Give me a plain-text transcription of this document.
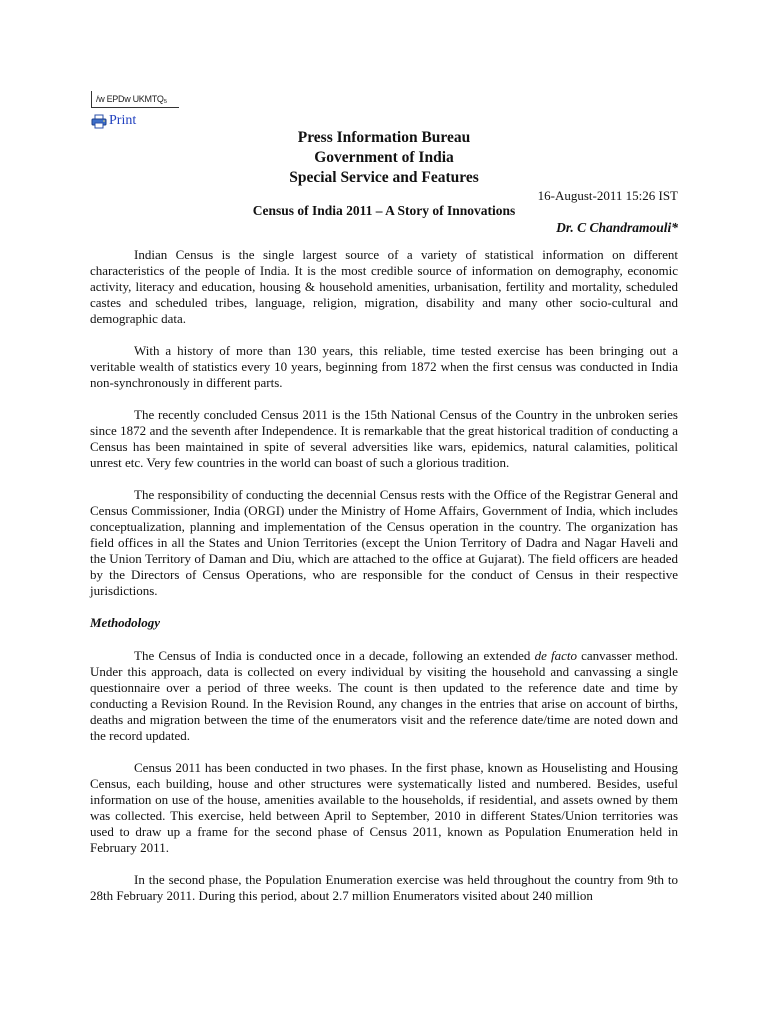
/w EPDw UKMTQ₅
Print
Press Information Bureau
Government of India
Special Service and Features
16-August-2011 15:26 IST
Census of India 2011 – A Story of Innovations
Dr. C Chandramouli*

Indian Census is the single largest source of a variety of statistical information on different characteristics of the people of India. It is the most credible source of information on demography, economic activity, literacy and education, housing & household amenities, urbanisation, fertility and mortality, scheduled castes and scheduled tribes, language, religion, migration, disability and many other socio-cultural and demographic data.

With a history of more than 130 years, this reliable, time tested exercise has been bringing out a veritable wealth of statistics every 10 years, beginning from 1872 when the first census was conducted in India non-synchronously in different parts.

The recently concluded Census 2011 is the 15th National Census of the Country in the unbroken series since 1872 and the seventh after Independence. It is remarkable that the great historical tradition of conducting a Census has been maintained in spite of several adversities like wars, epidemics, natural calamities, political unrest etc. Very few countries in the world can boast of such a glorious tradition.

The responsibility of conducting the decennial Census rests with the Office of the Registrar General and Census Commissioner, India (ORGI) under the Ministry of Home Affairs, Government of India, which includes conceptualization, planning and implementation of the Census operation in the country. The organization has field offices in all the States and Union Territories (except the Union Territory of Dadra and Nagar Haveli and the Union Territory of Daman and Diu, which are attached to the office at Gujarat). The field officers are headed by the Directors of Census Operations, who are responsible for the conduct of Census in their respective jurisdictions.

Methodology

The Census of India is conducted once in a decade, following an extended de facto canvasser method. Under this approach, data is collected on every individual by visiting the household and canvassing a single questionnaire over a period of three weeks. The count is then updated to the reference date and time by conducting a Revision Round. In the Revision Round, any changes in the entries that arise on account of births, deaths and migration between the time of the enumerators visit and the reference date/time are noted down and the record updated.

Census 2011 has been conducted in two phases. In the first phase, known as Houselisting and Housing Census, each building, house and other structures were systematically listed and numbered. Besides, useful information on use of the house, amenities available to the households, if residential, and assets owned by them was collected. This exercise, held between April to September, 2010 in different States/Union territories was used to draw up a frame for the second phase of Census 2011, known as Population Enumeration held in February 2011.

In the second phase, the Population Enumeration exercise was held throughout the country from 9th to 28th February 2011. During this period, about 2.7 million Enumerators visited about 240 million
